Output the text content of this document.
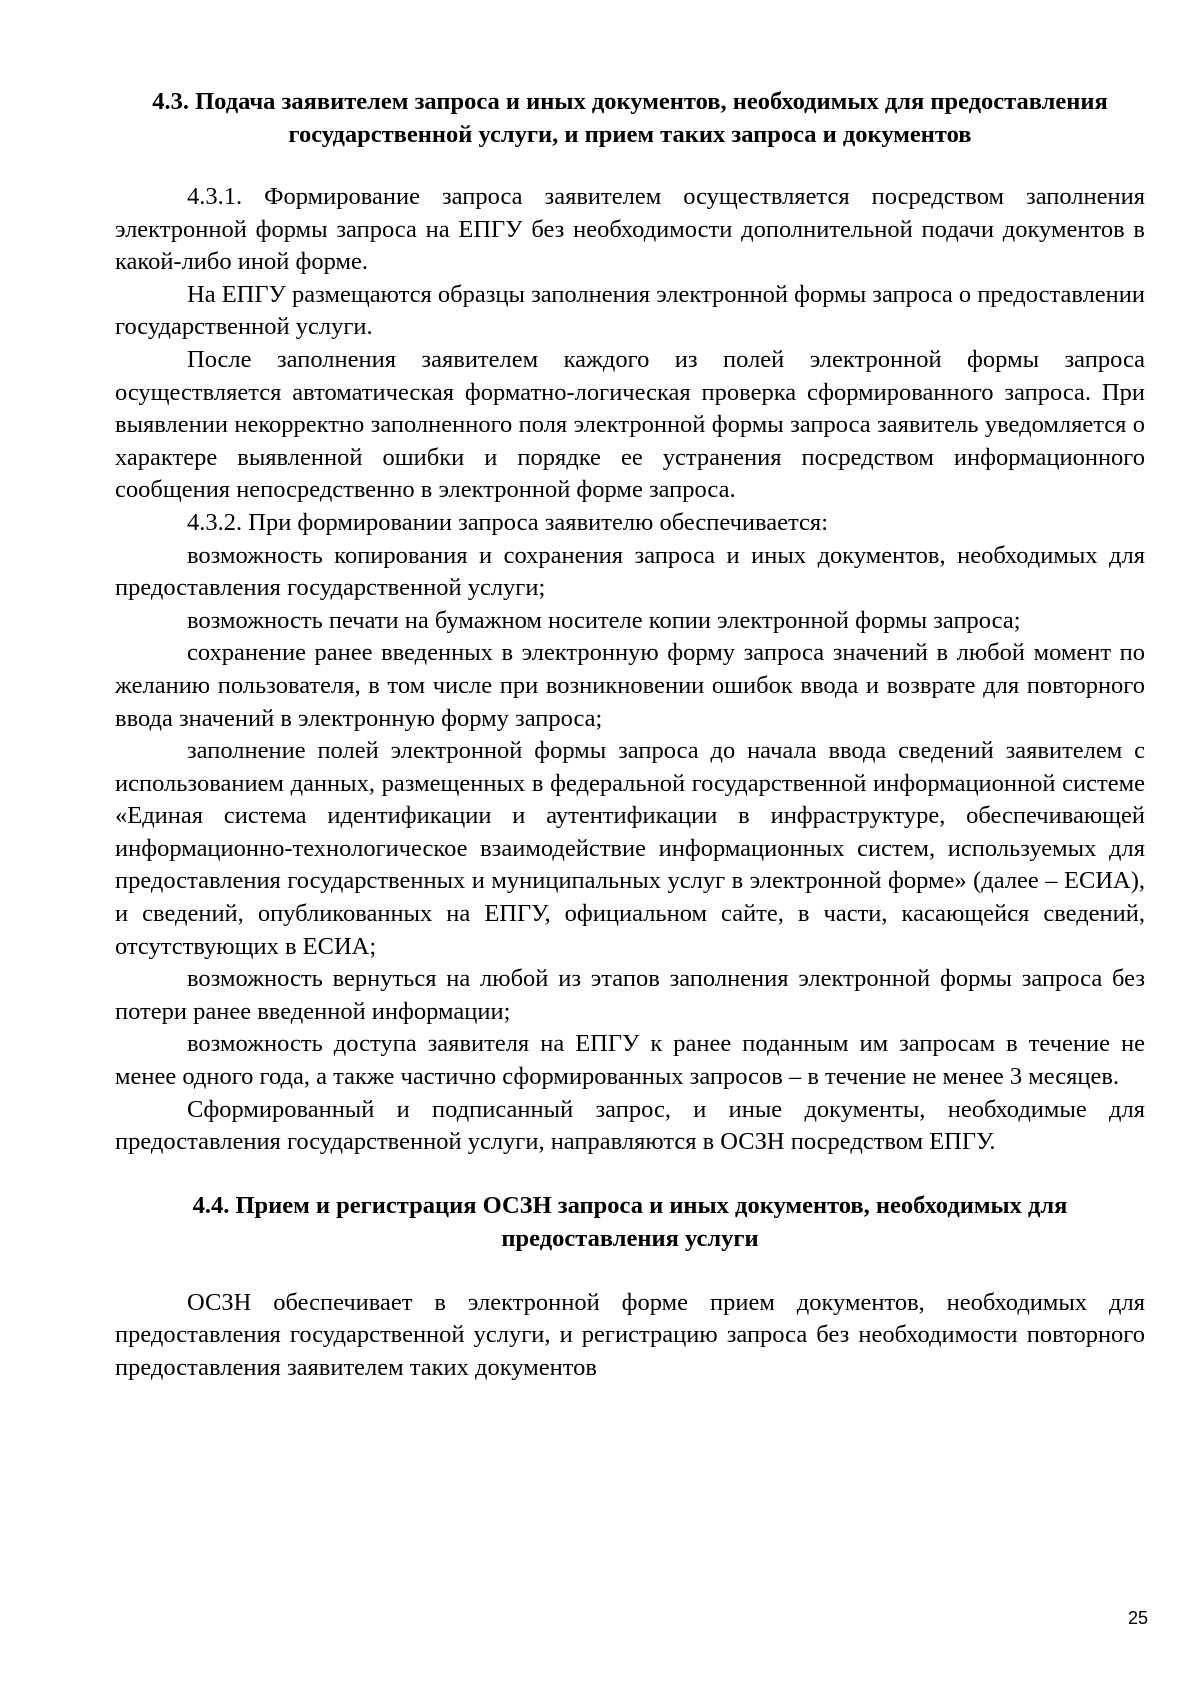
4.3. Подача заявителем запроса и иных документов, необходимых для предоставления государственной услуги, и прием таких запроса и документов

4.3.1. Формирование запроса заявителем осуществляется посредством заполнения электронной формы запроса на ЕПГУ без необходимости дополнительной подачи документов в какой-либо иной форме.

На ЕПГУ размещаются образцы заполнения электронной формы запроса о предоставлении государственной услуги.

После заполнения заявителем каждого из полей электронной формы запроса осуществляется автоматическая форматно-логическая проверка сформированного запроса. При выявлении некорректно заполненного поля электронной формы запроса заявитель уведомляется о характере выявленной ошибки и порядке ее устранения посредством информационного сообщения непосредственно в электронной форме запроса.

4.3.2. При формировании запроса заявителю обеспечивается:

возможность копирования и сохранения запроса и иных документов, необходимых для предоставления государственной услуги;

возможность печати на бумажном носителе копии электронной формы запроса;

сохранение ранее введенных в электронную форму запроса значений в любой момент по желанию пользователя, в том числе при возникновении ошибок ввода и возврате для повторного ввода значений в электронную форму запроса;

заполнение полей электронной формы запроса до начала ввода сведений заявителем с использованием данных, размещенных в федеральной государственной информационной системе «Единая система идентификации и аутентификации в инфраструктуре, обеспечивающей информационно-технологическое взаимодействие информационных систем, используемых для предоставления государственных и муниципальных услуг в электронной форме» (далее – ЕСИА), и сведений, опубликованных на ЕПГУ, официальном сайте, в части, касающейся сведений, отсутствующих в ЕСИА;

возможность вернуться на любой из этапов заполнения электронной формы запроса без потери ранее введенной информации;

возможность доступа заявителя на ЕПГУ к ранее поданным им запросам в течение не менее одного года, а также частично сформированных запросов – в течение не менее 3 месяцев.

Сформированный и подписанный запрос, и иные документы, необходимые для предоставления государственной услуги, направляются в ОСЗН посредством ЕПГУ.

4.4. Прием и регистрация ОСЗН запроса и иных документов, необходимых для предоставления услуги

ОСЗН обеспечивает в электронной форме прием документов, необходимых для предоставления государственной услуги, и регистрацию запроса без необходимости повторного предоставления заявителем таких документов

25
